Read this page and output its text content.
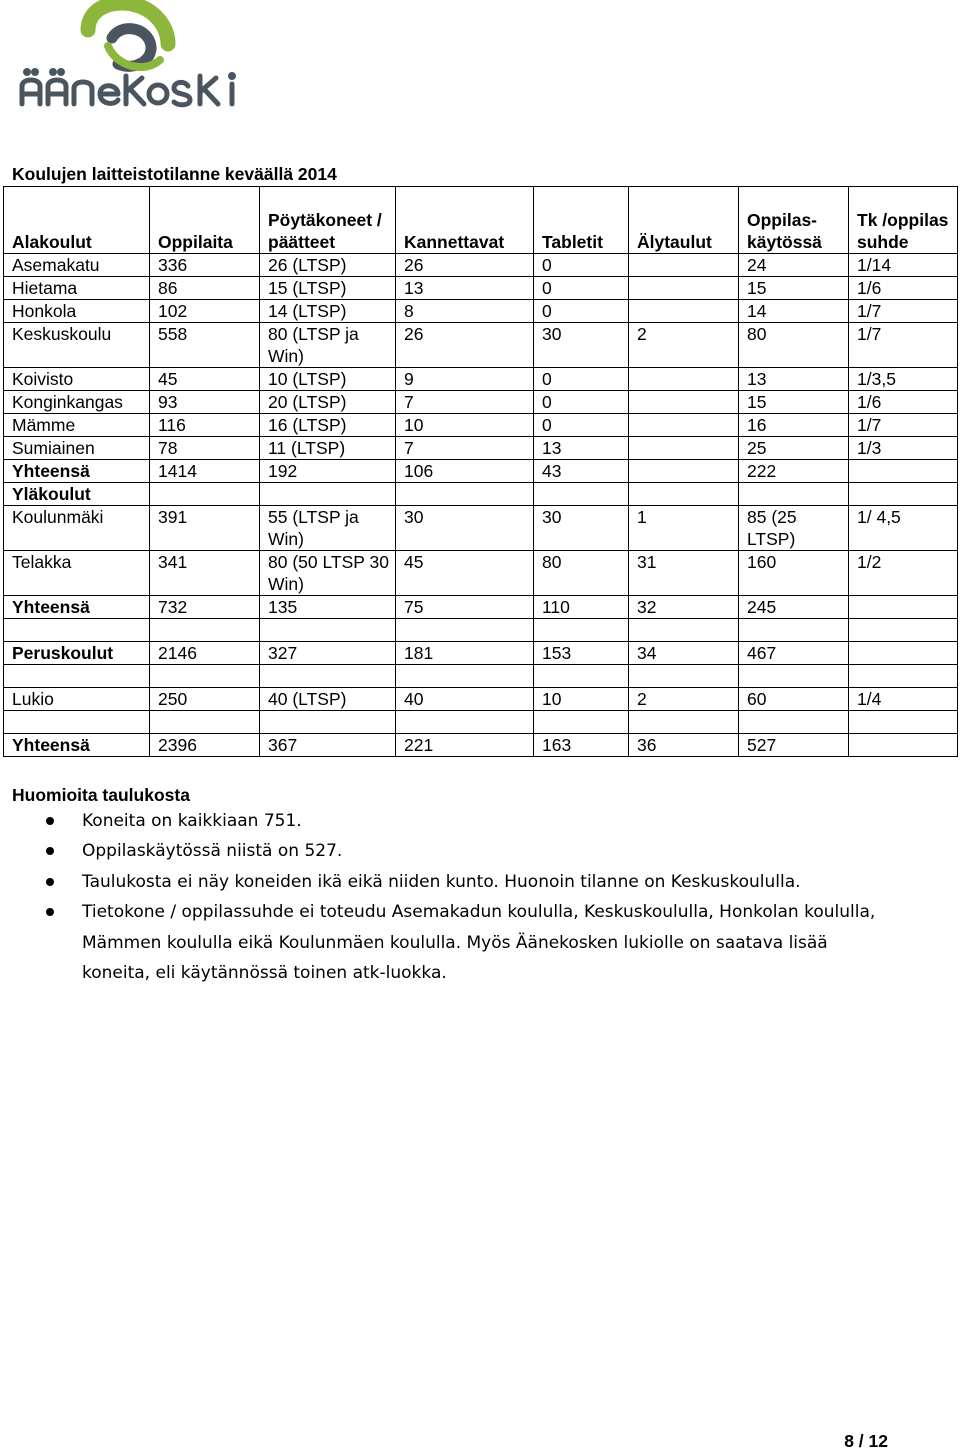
Koulujen laitteistotilanne keväällä 2014
Alakoulut	Oppilaita	Pöytäkoneet / päätteet	Kannettavat	Tabletit	Älytaulut	Oppilas-käytössä	Tk /oppilas suhde
Asemakatu	336	26 (LTSP)	26	0		24	1/14
Hietama	86	15 (LTSP)	13	0		15	1/6
Honkola	102	14 (LTSP)	8	0		14	1/7
Keskuskoulu	558	80 (LTSP ja Win)	26	30	2	80	1/7
Koivisto	45	10 (LTSP)	9	0		13	1/3,5
Konginkangas	93	20 (LTSP)	7	0		15	1/6
Mämme	116	16 (LTSP)	10	0		16	1/7
Sumiainen	78	11 (LTSP)	7	13		25	1/3
Yhteensä	1414	192	106	43		222	
Yläkoulut							
Koulunmäki	391	55 (LTSP ja Win)	30	30	1	85 (25 LTSP)	1/ 4,5
Telakka	341	80 (50 LTSP 30 Win)	45	80	31	160	1/2
Yhteensä	732	135	75	110	32	245	

Peruskoulut	2146	327	181	153	34	467	

Lukio	250	40 (LTSP)	40	10	2	60	1/4

Yhteensä	2396	367	221	163	36	527	
Huomioita taulukosta
Koneita on kaikkiaan 751.
Oppilaskäytössä niistä on 527.
Taulukosta ei näy koneiden ikä eikä niiden kunto. Huonoin tilanne on Keskuskoululla.
Tietokone / oppilassuhde ei toteudu Asemakadun koululla, Keskuskoululla, Honkolan koululla, Mämmen koululla eikä Koulunmäen koululla. Myös Äänekosken lukiolle on saatava lisää koneita, eli käytännössä toinen atk-luokka.
8 / 12
